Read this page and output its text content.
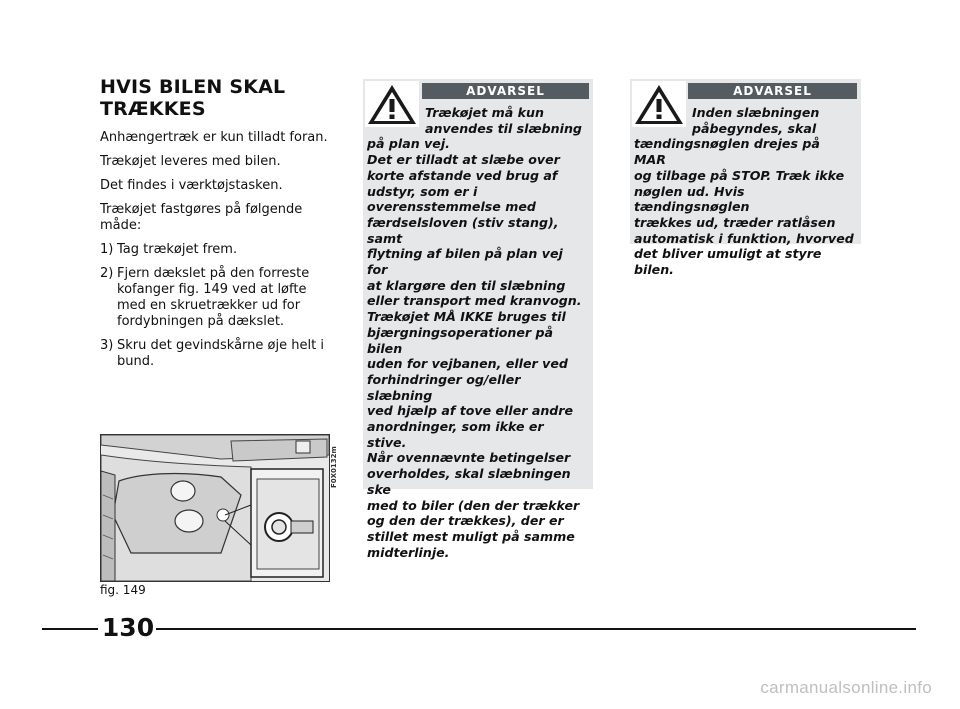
HVIS BILEN SKAL
TRÆKKES

Anhængertræk er kun tilladt foran.

Trækøjet leveres med bilen.

Det findes i værktøjstasken.

Trækøjet fastgøres på følgende måde:

1) Tag trækøjet frem.
2) Fjern dækslet på den forreste kofanger fig. 149 ved at løfte med en skruetrækker ud for fordybningen på dækslet.
3) Skru det gevindskårne øje helt i bund.
F0X0132m
fig. 149
ADVARSEL
Trækøjet må kun
anvendes til slæbning
på plan vej.
Det er tilladt at slæbe over
korte afstande ved brug af
udstyr, som er i
overensstemmelse med
færdselsloven (stiv stang), samt
flytning af bilen på plan vej for
at klargøre den til slæbning
eller transport med kranvogn.
Trækøjet MÅ IKKE bruges til
bjærgningsoperationer på bilen
uden for vejbanen, eller ved
forhindringer og/eller slæbning
ved hjælp af tove eller andre
anordninger, som ikke er stive.
Når ovennævnte betingelser
overholdes, skal slæbningen ske
med to biler (den der trækker
og den der trækkes), der er
stillet mest muligt på samme
midterlinje.
ADVARSEL
Inden slæbningen
påbegyndes, skal
tændingsnøglen drejes på MAR
og tilbage på STOP. Træk ikke
nøglen ud. Hvis tændingsnøglen
trækkes ud, træder ratlåsen
automatisk i funktion, hvorved
det bliver umuligt at styre bilen.
130
carmanualsonline.info
